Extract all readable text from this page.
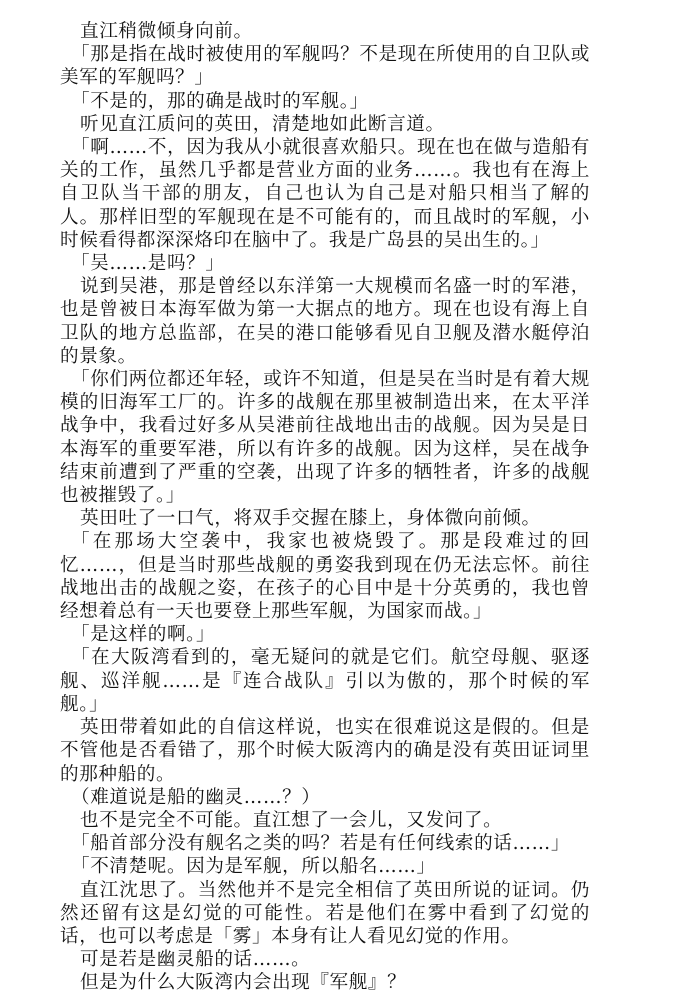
直江稍微倾身向前。

「那是指在战时被使用的军舰吗？不是现在所使用的自卫队或美军的军舰吗？」

「不是的，那的确是战时的军舰。」

听见直江质问的英田，清楚地如此断言道。

「啊……不，因为我从小就很喜欢船只。现在也在做与造船有关的工作，虽然几乎都是营业方面的业务……。我也有在海上自卫队当干部的朋友，自己也认为自己是对船只相当了解的人。那样旧型的军舰现在是不可能有的，而且战时的军舰，小时候看得都深深烙印在脑中了。我是广岛县的吴出生的。」

「吴……是吗？」

说到吴港，那是曾经以东洋第一大规模而名盛一时的军港，也是曾被日本海军做为第一大据点的地方。现在也设有海上自卫队的地方总监部，在吴的港口能够看见自卫舰及潜水艇停泊的景象。

「你们两位都还年轻，或许不知道，但是吴在当时是有着大规模的旧海军工厂的。许多的战舰在那里被制造出来，在太平洋战争中，我看过好多从吴港前往战地出击的战舰。因为吴是日本海军的重要军港，所以有许多的战舰。因为这样，吴在战争结束前遭到了严重的空袭，出现了许多的牺牲者，许多的战舰也被摧毁了。」

英田吐了一口气，将双手交握在膝上，身体微向前倾。

「在那场大空袭中，我家也被烧毁了。那是段难过的回忆……，但是当时那些战舰的勇姿我到现在仍无法忘怀。前往战地出击的战舰之姿，在孩子的心目中是十分英勇的，我也曾经想着总有一天也要登上那些军舰，为国家而战。」

「是这样的啊。」

「在大阪湾看到的，毫无疑问的就是它们。航空母舰、驱逐舰、巡洋舰……是『连合战队』引以为傲的，那个时候的军舰。」

英田带着如此的自信这样说，也实在很难说这是假的。但是不管他是否看错了，那个时候大阪湾内的确是没有英田证词里的那种船的。

（难道说是船的幽灵……？）

也不是完全不可能。直江想了一会儿，又发问了。

「船首部分没有舰名之类的吗？若是有任何线索的话……」

「不清楚呢。因为是军舰，所以船名……」

直江沈思了。当然他并不是完全相信了英田所说的证词。仍然还留有这是幻觉的可能性。若是他们在雾中看到了幻觉的话，也可以考虑是「雾」本身有让人看见幻觉的作用。

可是若是幽灵船的话……。

但是为什么大阪湾内会出现『军舰』？
